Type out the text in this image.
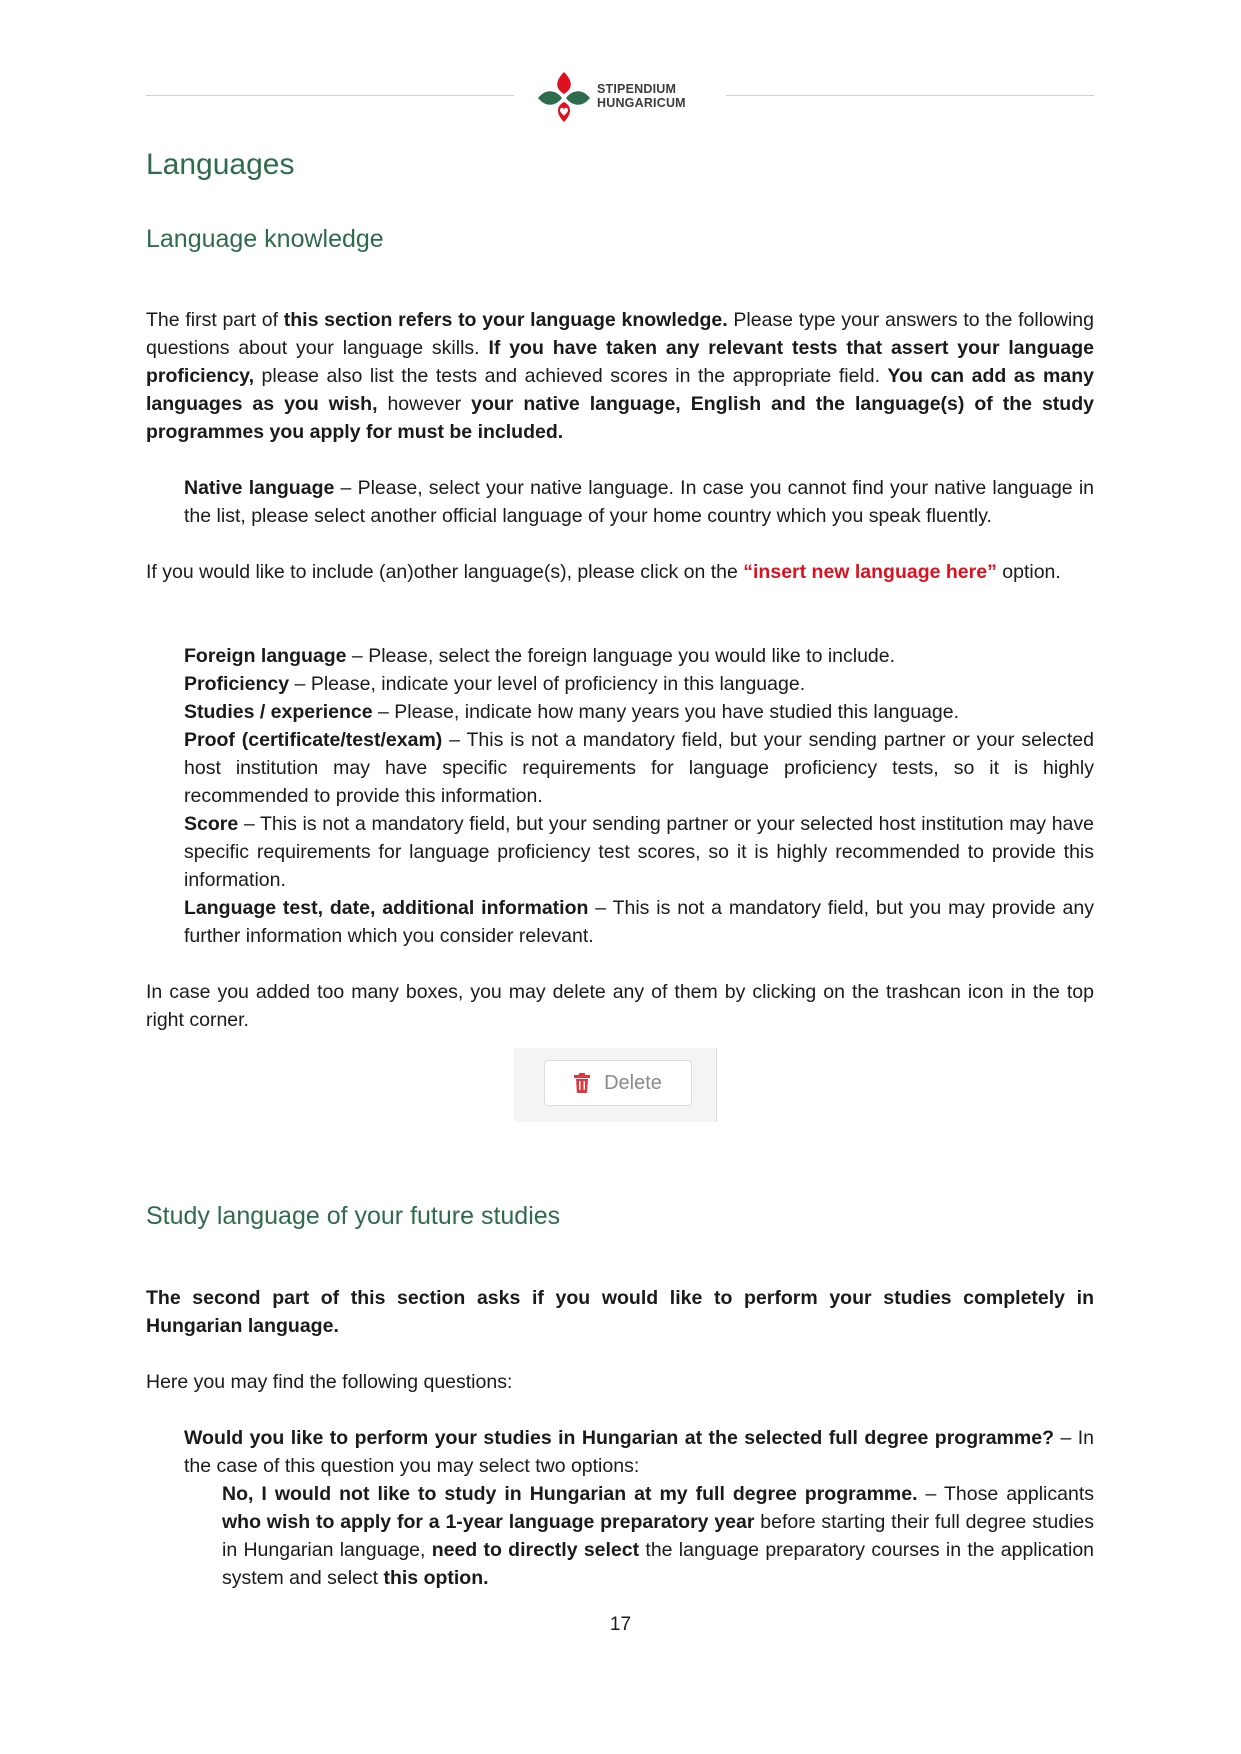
STIPENDIUM
HUNGARICUM
Languages
Language knowledge

The first part of this section refers to your language knowledge. Please type your answers to the following questions about your language skills. If you have taken any relevant tests that assert your language proficiency, please also list the tests and achieved scores in the appropriate field. You can add as many languages as you wish, however your native language, English and the language(s) of the study programmes you apply for must be included.

Native language – Please, select your native language. In case you cannot find your native language in the list, please select another official language of your home country which you speak fluently.

If you would like to include (an)other language(s), please click on the “insert new language here” option.

Foreign language – Please, select the foreign language you would like to include.
Proficiency – Please, indicate your level of proficiency in this language.
Studies / experience – Please, indicate how many years you have studied this language.
Proof (certificate/test/exam) – This is not a mandatory field, but your sending partner or your selected host institution may have specific requirements for language proficiency tests, so it is highly recommended to provide this information.
Score – This is not a mandatory field, but your sending partner or your selected host institution may have specific requirements for language proficiency test scores, so it is highly recommended to provide this information.
Language test, date, additional information – This is not a mandatory field, but you may provide any further information which you consider relevant.

In case you added too many boxes, you may delete any of them by clicking on the trashcan icon in the top right corner.

Delete
Study language of your future studies

The second part of this section asks if you would like to perform your studies completely in Hungarian language.

Here you may find the following questions:

Would you like to perform your studies in Hungarian at the selected full degree programme? – In the case of this question you may select two options:

No, I would not like to study in Hungarian at my full degree programme. – Those applicants who wish to apply for a 1-year language preparatory year before starting their full degree studies in Hungarian language, need to directly select the language preparatory courses in the application system and select this option.

17
